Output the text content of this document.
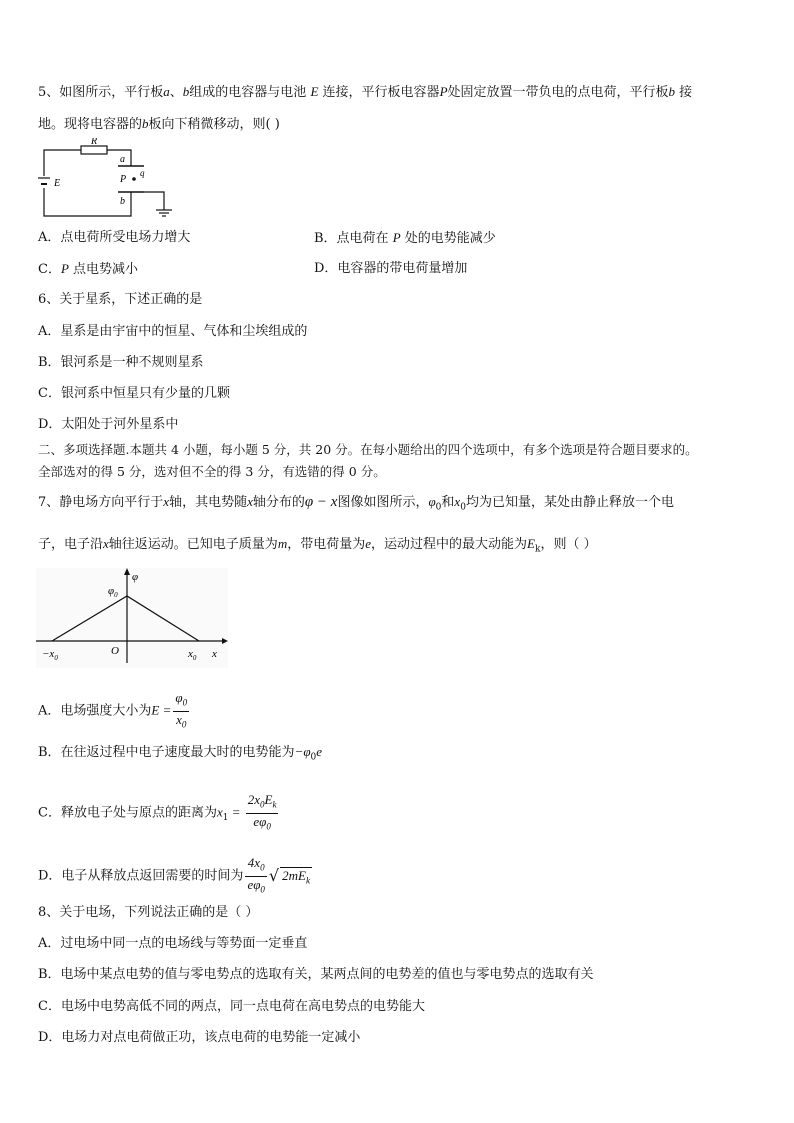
5、如图所示，平行板a、b组成的电容器与电池 E 连接，平行板电容器P处固定放置一带负电的点电荷，平行板b 接
地。现将电容器的b板向下稍微移动，则( )
R
a
P
q
E
b
A．点电荷所受电场力增大	B．点电荷在 P 处的电势能减少
C．P 点电势减小	D．电容器的带电荷量增加
6、关于星系，下述正确的是
A．星系是由宇宙中的恒星、气体和尘埃组成的
B．银河系是一种不规则星系
C．银河系中恒星只有少量的几颗
D．太阳处于河外星系中
二、多项选择题.本题共 4 小题，每小题 5 分，共 20 分。在每小题给出的四个选项中，有多个选项是符合题目要求的。
全部选对的得 5 分，选对但不全的得 3 分，有选错的得 0 分。
7、静电场方向平行于x轴，其电势随x轴分布的φ − x图像如图所示，$\varphi_0$和$x_0$均为已知量，某处由静止释放一个电
子，电子沿x轴往返运动。已知电子质量为m，带电荷量为e，运动过程中的最大动能为$E_k$，则（ ）
φ
$\varphi_0$
O
$-x_0$	$x_0$ x
A．电场强度大小为$E = \frac{\varphi_0}{x_0}$
B．在往返过程中电子速度最大时的电势能为$-\varphi_0e$
C．释放电子处与原点的距离为$x_1 = \frac{2x_0E_k}{e\varphi_0}$
D．电子从释放点返回需要的时间为 $\frac{4x_0}{e\varphi_0}$ √ $2mE_k$
8、关于电场，下列说法正确的是（ ）
A．过电场中同一点的电场线与等势面一定垂直
B．电场中某点电势的值与零电势点的选取有关，某两点间的电势差的值也与零电势点的选取有关
C．电场中电势高低不同的两点，同一点电荷在高电势点的电势能大
D．电场力对点电荷做正功，该点电荷的电势能一定减小
